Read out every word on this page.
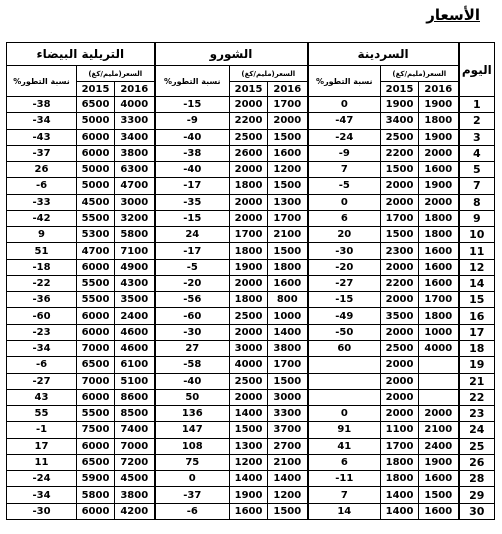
الأسعار
اليوم	السردينة			الشورو			التريلية البيضاء		
	السعر(مليم/كغ)		نسبة التطور%	السعر(مليم/كغ)		نسبة التطور%	السعر(مليم/كغ)		نسبة التطور%
	2016	2015		2016	2015		2016	2015	
1	1900	1900	0	1700	2000	15-	4000	6500	38-
2	1800	3400	47-	2000	2200	9-	3300	5000	34-
3	1900	2500	24-	1500	2500	40-	3400	6000	43-
4	2000	2200	9-	1600	2600	38-	3800	6000	37-
5	1600	1500	7	1200	2000	40-	6300	5000	26
7	1900	2000	5-	1500	1800	17-	4700	5000	6-
8	2000	2000	0	1300	2000	35-	3000	4500	33-
9	1800	1700	6	1700	2000	15-	3200	5500	42-
10	1800	1500	20	2100	1700	24	5800	5300	9
11	1600	2300	30-	1500	1800	17-	7100	4700	51
12	1600	2000	20-	1800	1900	5-	4900	6000	18-
14	1600	2200	27-	1600	2000	20-	4300	5500	22-
15	1700	2000	15-	800	1800	56-	3500	5500	36-
16	1800	3500	49-	1000	2500	60-	2400	6000	60-
17	1000	2000	50-	1400	2000	30-	4600	6000	23-
18	4000	2500	60	3800	3000	27	4600	7000	34-
19		2000		1700	4000	58-	6100	6500	6-
21		2000		1500	2500	40-	5100	7000	27-
22		2000		3000	2000	50	8600	6000	43
23	2000	2000	0	3300	1400	136	8500	5500	55
24	2100	1100	91	3700	1500	147	7400	7500	1-
25	2400	1700	41	2700	1300	108	7000	6000	17
26	1900	1800	6	2100	1200	75	7200	6500	11
28	1600	1800	11-	1400	1400	0	4500	5900	24-
29	1500	1400	7	1200	1900	37-	3800	5800	34-
30	1600	1400	14	1500	1600	6-	4200	6000	30-
